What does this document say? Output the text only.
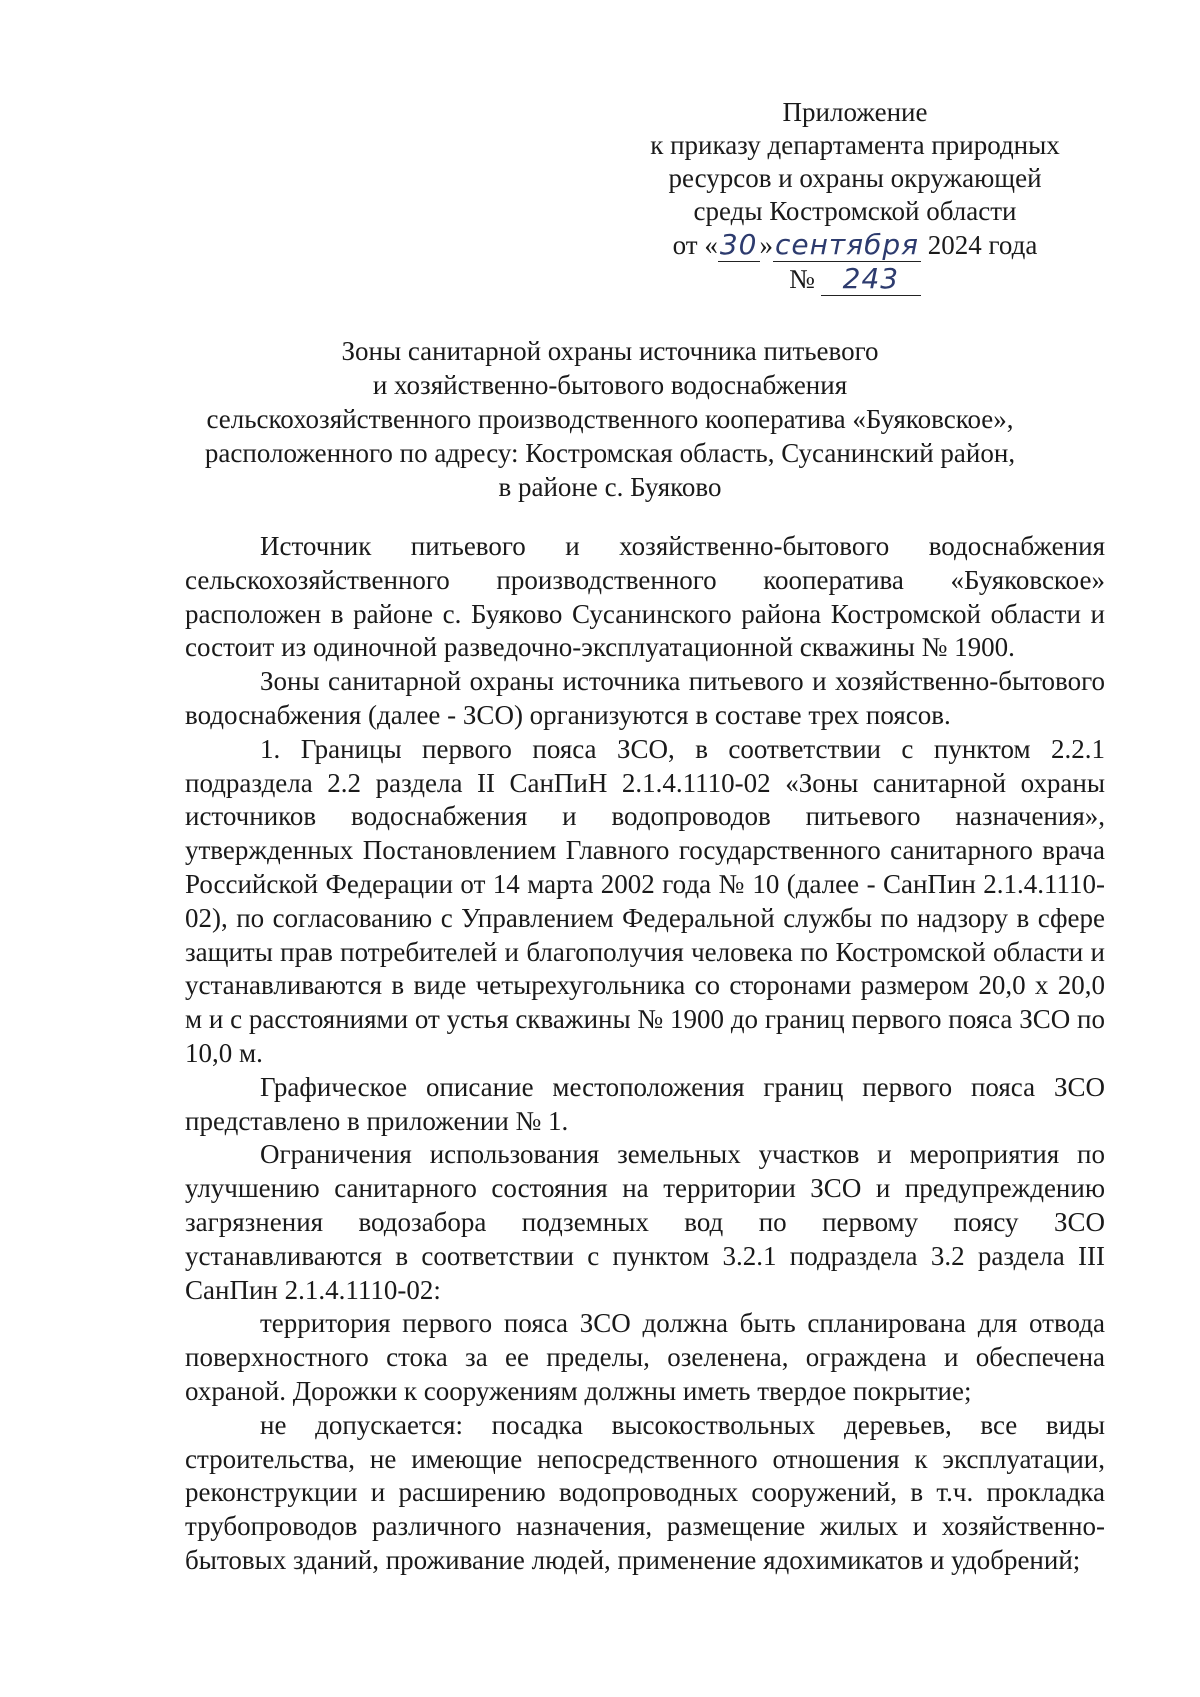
Приложение
к приказу департамента природных
ресурсов и охраны окружающей
среды Костромской области
от «30»сентября 2024 года
№ 243
Зоны санитарной охраны источника питьевого
и хозяйственно-бытового водоснабжения
сельскохозяйственного производственного кооператива «Буяковское»,
расположенного по адресу: Костромская область, Сусанинский район,
в районе с. Буяково

Источник питьевого и хозяйственно-бытового водоснабжения сельскохозяйственного производственного кооператива «Буяковское» расположен в районе с. Буяково Сусанинского района Костромской области и состоит из одиночной разведочно-эксплуатационной скважины № 1900.

Зоны санитарной охраны источника питьевого и хозяйственно-бытового водоснабжения (далее - ЗСО) организуются в составе трех поясов.

1. Границы первого пояса ЗСО, в соответствии с пунктом 2.2.1 подраздела 2.2 раздела II СанПиН 2.1.4.1110-02 «Зоны санитарной охраны источников водоснабжения и водопроводов питьевого назначения», утвержденных Постановлением Главного государственного санитарного врача Российской Федерации от 14 марта 2002 года № 10 (далее - СанПин 2.1.4.1110-02), по согласованию с Управлением Федеральной службы по надзору в сфере защиты прав потребителей и благополучия человека по Костромской области и устанавливаются в виде четырехугольника со сторонами размером 20,0 х 20,0 м и с расстояниями от устья скважины № 1900 до границ первого пояса ЗСО по 10,0 м.

Графическое описание местоположения границ первого пояса ЗСО представлено в приложении № 1.

Ограничения использования земельных участков и мероприятия по улучшению санитарного состояния на территории ЗСО и предупреждению загрязнения водозабора подземных вод по первому поясу ЗСО устанавливаются в соответствии с пунктом 3.2.1 подраздела 3.2 раздела III СанПин 2.1.4.1110-02:

территория первого пояса ЗСО должна быть спланирована для отвода поверхностного стока за ее пределы, озеленена, ограждена и обеспечена охраной. Дорожки к сооружениям должны иметь твердое покрытие;

не допускается: посадка высокоствольных деревьев, все виды строительства, не имеющие непосредственного отношения к эксплуатации, реконструкции и расширению водопроводных сооружений, в т.ч. прокладка трубопроводов различного назначения, размещение жилых и хозяйственно-бытовых зданий, проживание людей, применение ядохимикатов и удобрений;
